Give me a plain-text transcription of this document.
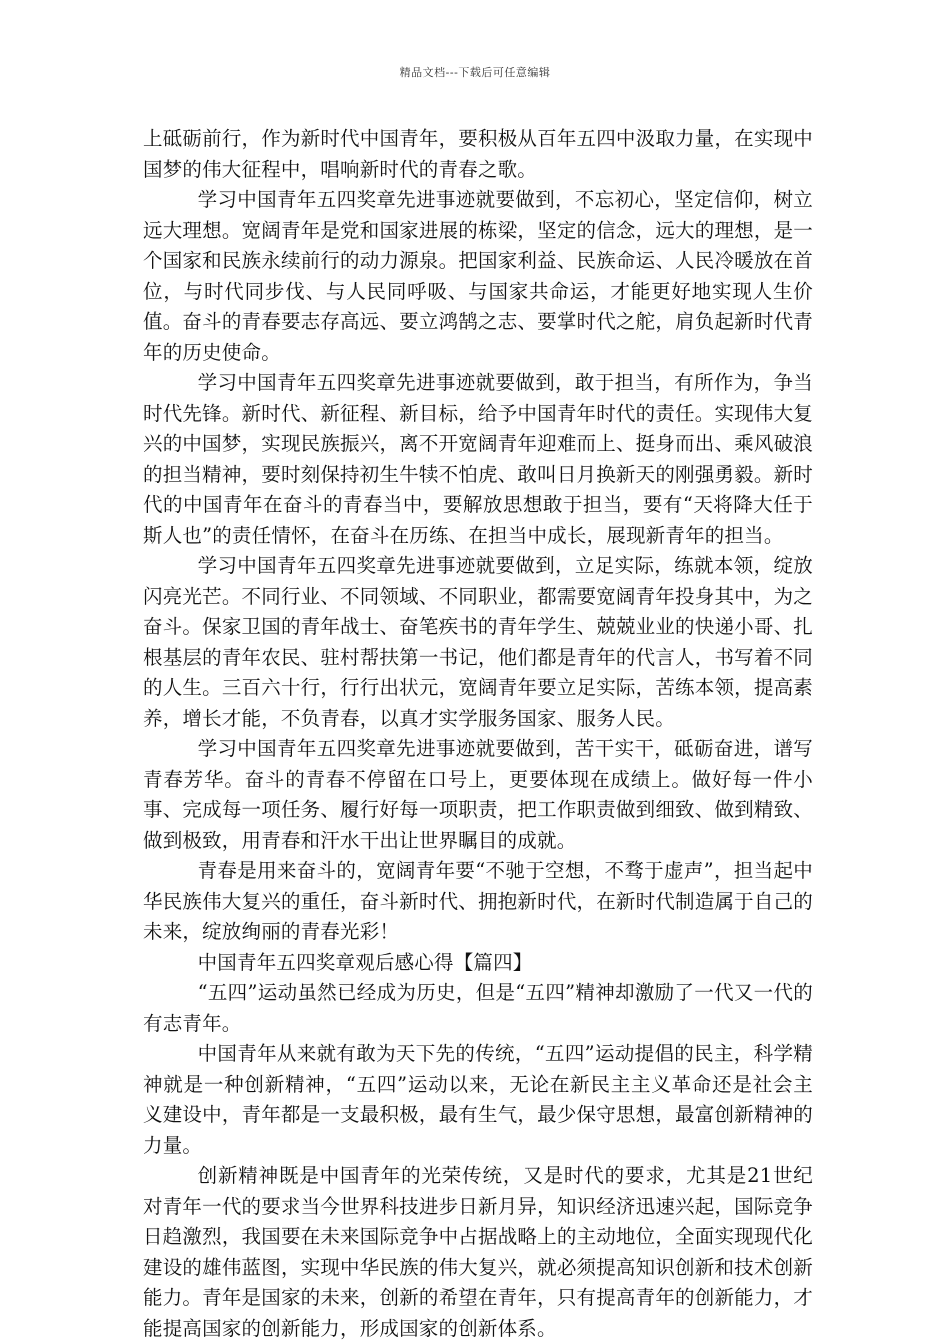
精品文档---下载后可任意编辑

上砥砺前行，作为新时代中国青年，要积极从百年五四中汲取力量，在实现中国梦的伟大征程中，唱响新时代的青春之歌。

学习中国青年五四奖章先进事迹就要做到，不忘初心，坚定信仰，树立远大理想。宽阔青年是党和国家进展的栋梁，坚定的信念，远大的理想，是一个国家和民族永续前行的动力源泉。把国家利益、民族命运、人民冷暖放在首位，与时代同步伐、与人民同呼吸、与国家共命运，才能更好地实现人生价值。奋斗的青春要志存高远、要立鸿鹄之志、要掌时代之舵，肩负起新时代青年的历史使命。

学习中国青年五四奖章先进事迹就要做到，敢于担当，有所作为，争当时代先锋。新时代、新征程、新目标，给予中国青年时代的责任。实现伟大复兴的中国梦，实现民族振兴，离不开宽阔青年迎难而上、挺身而出、乘风破浪的担当精神，要时刻保持初生牛犊不怕虎、敢叫日月换新天的刚强勇毅。新时代的中国青年在奋斗的青春当中，要解放思想敢于担当，要有“天将降大任于斯人也”的责任情怀，在奋斗在历练、在担当中成长，展现新青年的担当。

学习中国青年五四奖章先进事迹就要做到，立足实际，练就本领，绽放闪亮光芒。不同行业、不同领域、不同职业，都需要宽阔青年投身其中，为之奋斗。保家卫国的青年战士、奋笔疾书的青年学生、兢兢业业的快递小哥、扎根基层的青年农民、驻村帮扶第一书记，他们都是青年的代言人，书写着不同的人生。三百六十行，行行出状元，宽阔青年要立足实际，苦练本领，提高素养，增长才能，不负青春，以真才实学服务国家、服务人民。

学习中国青年五四奖章先进事迹就要做到，苦干实干，砥砺奋进，谱写青春芳华。奋斗的青春不停留在口号上，更要体现在成绩上。做好每一件小事、完成每一项任务、履行好每一项职责，把工作职责做到细致、做到精致、做到极致，用青春和汗水干出让世界瞩目的成就。

青春是用来奋斗的，宽阔青年要“不驰于空想，不骛于虚声”，担当起中华民族伟大复兴的重任，奋斗新时代、拥抱新时代，在新时代制造属于自己的未来，绽放绚丽的青春光彩！

中国青年五四奖章观后感心得【篇四】

“五四”运动虽然已经成为历史，但是“五四”精神却激励了一代又一代的有志青年。

中国青年从来就有敢为天下先的传统，“五四”运动提倡的民主，科学精神就是一种创新精神，“五四”运动以来，无论在新民主主义革命还是社会主义建设中，青年都是一支最积极，最有生气，最少保守思想，最富创新精神的力量。

创新精神既是中国青年的光荣传统，又是时代的要求，尤其是21世纪对青年一代的要求当今世界科技进步日新月异，知识经济迅速兴起，国际竞争日趋激烈，我国要在未来国际竞争中占据战略上的主动地位，全面实现现代化建设的雄伟蓝图，实现中华民族的伟大复兴，就必须提高知识创新和技术创新能力。青年是国家的未来，创新的希望在青年，只有提高青年的创新能力，才能提高国家的创新能力，形成国家的创新体系。
